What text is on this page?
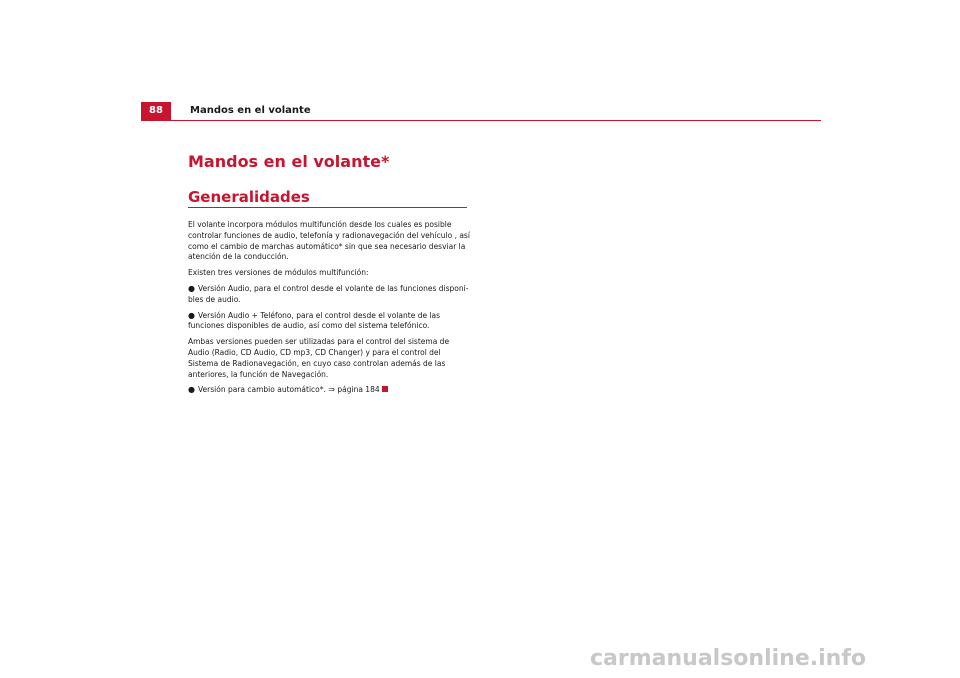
88	Mandos en el volante
Mandos en el volante*
Generalidades

El volante incorpora módulos multifunción desde los cuales es posible controlar funciones de audio, telefonía y radionavegación del vehículo , así como el cambio de marchas automático* sin que sea necesario desviar la atención de la conducción.

Existen tres versiones de módulos multifunción:

● Versión Audio, para el control desde el volante de las funciones disponi-bles de audio.

● Versión Audio + Teléfono, para el control desde el volante de las funciones disponibles de audio, así como del sistema telefónico.

Ambas versiones pueden ser utilizadas para el control del sistema de Audio (Radio, CD Audio, CD mp3, CD Changer) y para el control del Sistema de Radionavegación, en cuyo caso controlan además de las anteriores, la función de Navegación.

● Versión para cambio automático*. ⇒ página 184

carmanualsonline.info
